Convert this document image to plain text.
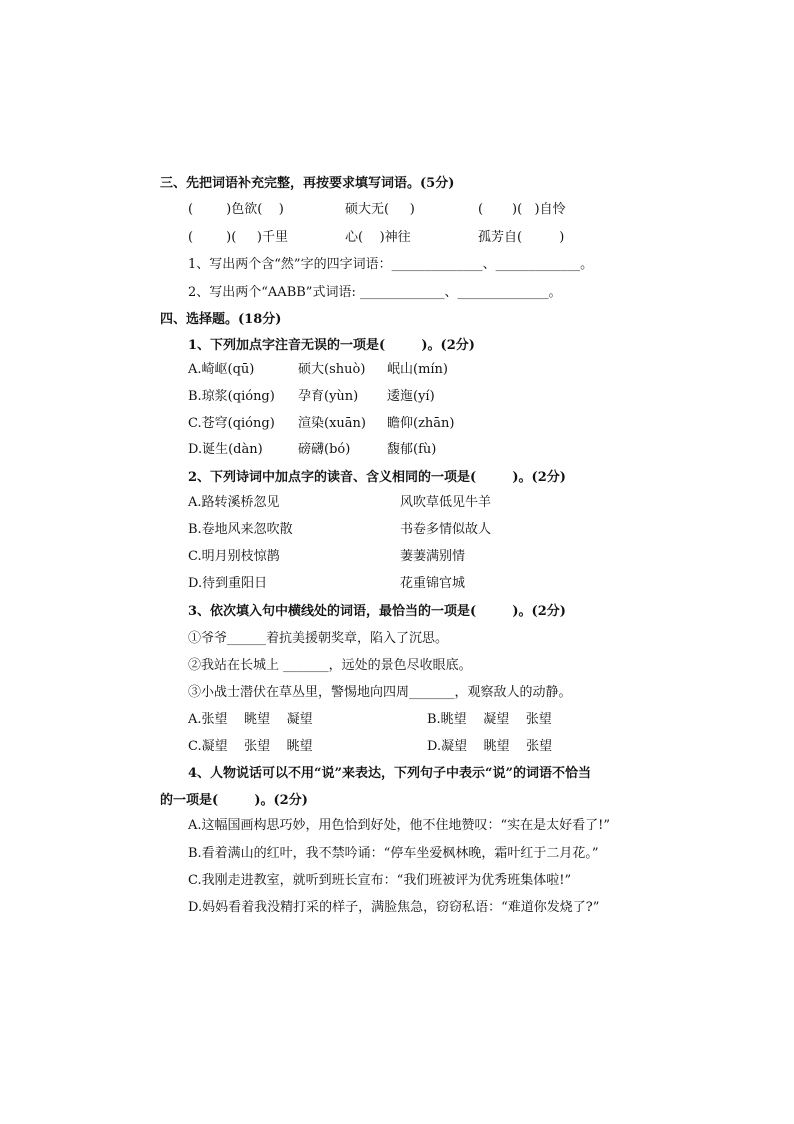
三、先把词语补充完整，再按要求填写词语。(5分)
(        )色欲(    )	硕大无(     )	(       )(   )自怜
(        )(     )千里	心(    )神往	孤芳自(         )
1、写出两个含“然”字的四字词语：______________、_____________。
2、写出两个“AABB”式词语: _____________、______________。
四、选择题。(18分)
1、下列加点字注音无误的一项是(        )。(2分)
A.崎岖(qū)	硕大(shuò) 岷山(mín)
B.琼浆(qióng) 孕育(yùn) 逶迤(yí)
C.苍穹(qióng) 渲染(xuān) 瞻仰(zhān)
D.诞生(dàn)	磅礴(bó)	馥郁(fù)
2、下列诗词中加点字的读音、含义相同的一项是(        )。(2分)
A.路转溪桥忽见	风吹草低见牛羊
B.卷地风来忽吹散	书卷多情似故人
C.明月别枝惊鹊	萋萋满别情
D.待到重阳日	花重锦官城
3、依次填入句中横线处的词语，最恰当的一项是(        )。(2分)
①爷爷______着抗美援朝奖章，陷入了沉思。
②我站在长城上 _______，远处的景色尽收眼底。
③小战士潜伏在草丛里，警惕地向四周_______，观察敌人的动静。
A.张望    眺望    凝望	B.眺望    凝望    张望
C.凝望    张望    眺望	D.凝望    眺望    张望
4、人物说话可以不用“说”来表达，下列句子中表示“说”的词语不恰当
的一项是(        )。(2分)
A.这幅国画构思巧妙，用色恰到好处，他不住地赞叹：“实在是太好看了!”
B.看着满山的红叶，我不禁吟诵：“停车坐爱枫林晚，霜叶红于二月花。”
C.我刚走进教室，就听到班长宣布：“我们班被评为优秀班集体啦!”
D.妈妈看着我没精打采的样子，满脸焦急，窃窃私语：“难道你发烧了?”
